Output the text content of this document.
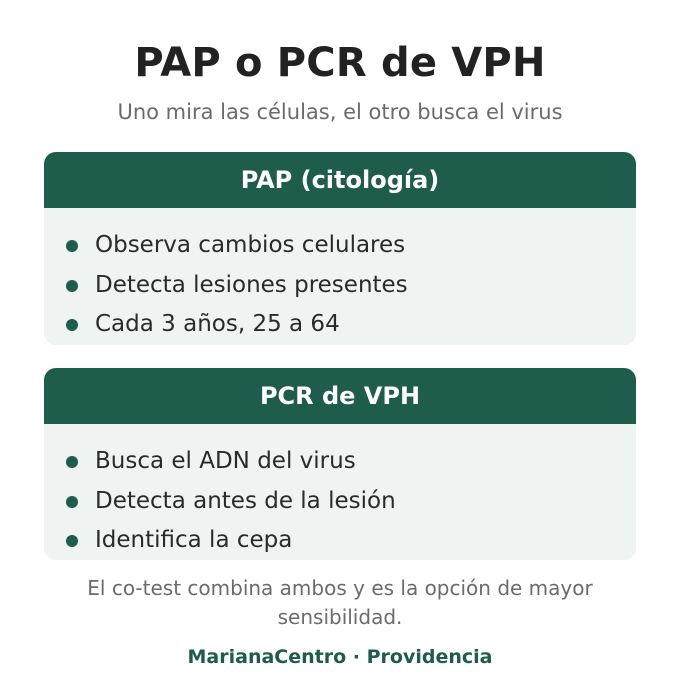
PAP o PCR de VPH
Uno mira las células, el otro busca el virus
PAP (citología)
Observa cambios celulares
Detecta lesiones presentes
Cada 3 años, 25 a 64
PCR de VPH
Busca el ADN del virus
Detecta antes de la lesión
Identifica la cepa
El co-test combina ambos y es la opción de mayor sensibilidad.
MarianaCentro · Providencia
